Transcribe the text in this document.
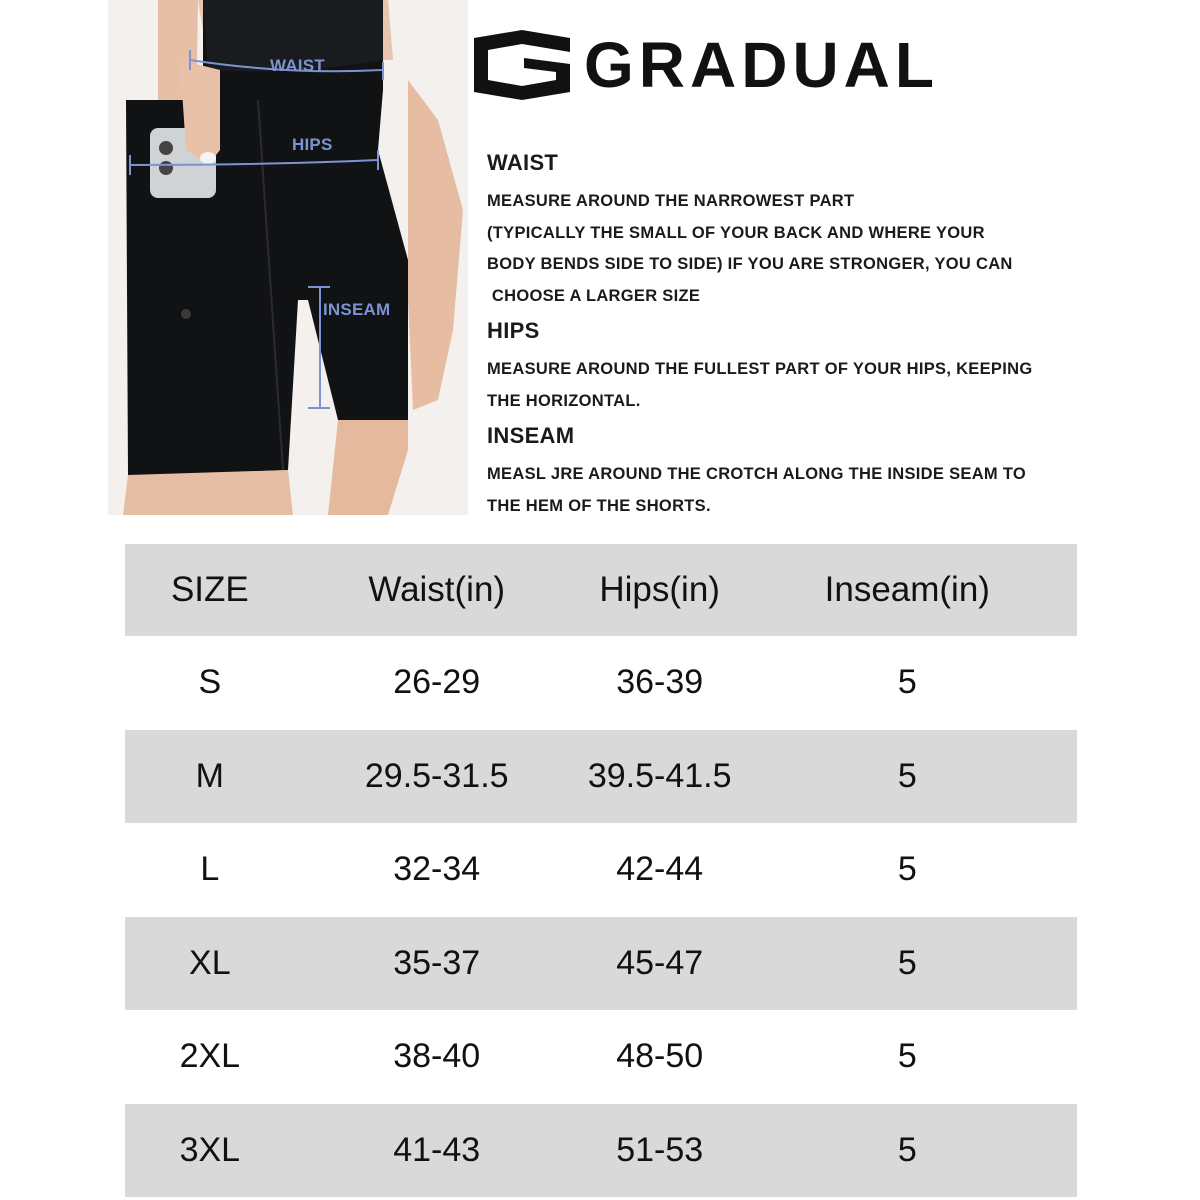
WAIST
HIPS
INSEAM
GRADUAL
WAIST

MEASURE AROUND THE NARROWEST PART

(TYPICALLY THE SMALL OF YOUR BACK AND WHERE YOUR

BODY BENDS SIDE TO SIDE) IF YOU ARE STRONGER, YOU CAN

CHOOSE A LARGER SIZE

HIPS

MEASURE AROUND THE FULLEST PART OF YOUR HIPS, KEEPING

THE HORIZONTAL.

INSEAM

MEASL JRE AROUND THE CROTCH ALONG THE INSIDE SEAM TO

THE HEM OF THE SHORTS.

SIZE	Waist(in)	Hips(in)	Inseam(in)
S	26-29	36-39	5
M	29.5-31.5	39.5-41.5	5
L	32-34	42-44	5
XL	35-37	45-47	5
2XL	38-40	48-50	5
3XL	41-43	51-53	5
